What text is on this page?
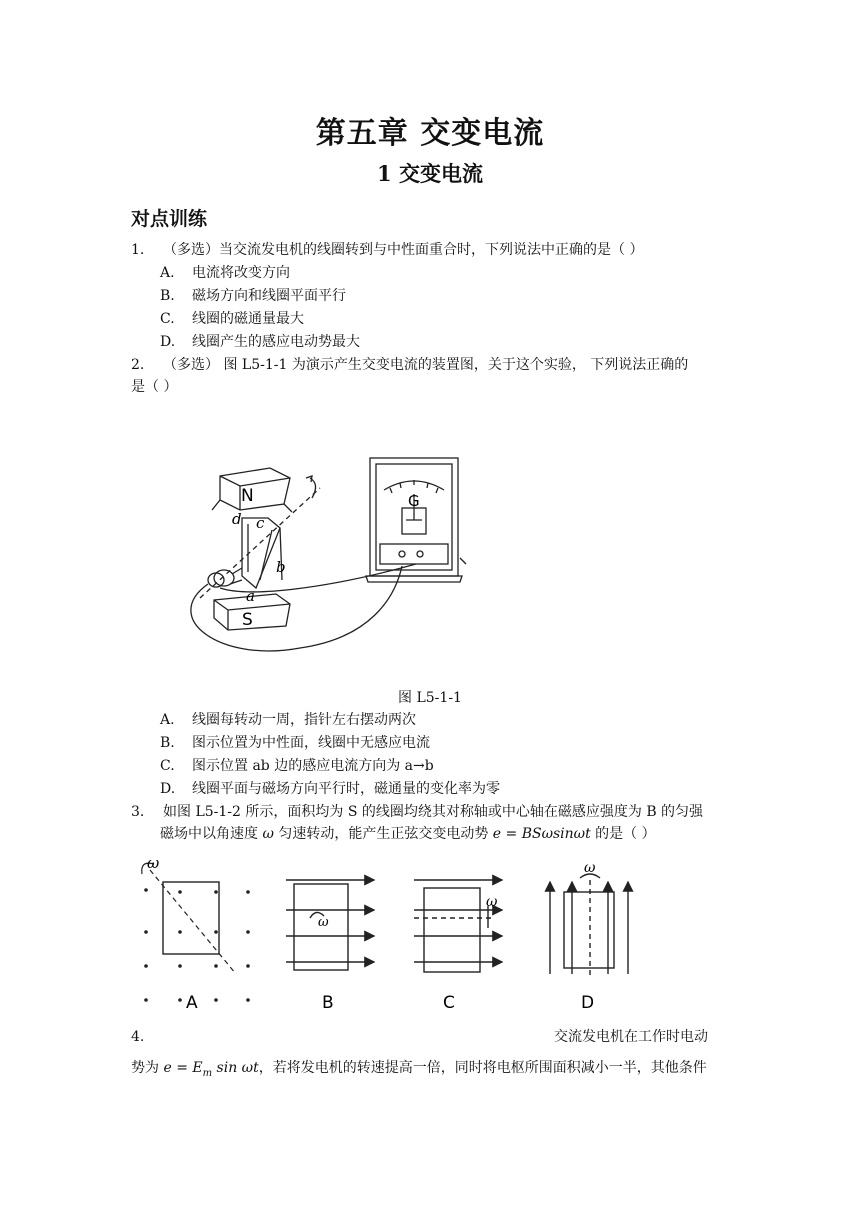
第五章 交变电流
1 交变电流
对点训练
1. （多选）当交流发电机的线圈转到与中性面重合时，下列说法中正确的是（ ）
A. 电流将改变方向
B. 磁场方向和线圈平面平行
C. 线圈的磁通量最大
D. 线圈产生的感应电动势最大
2. （多选） 图 L5-1-1 为演示产生交变电流的装置图，关于这个实验， 下列说法正确的
是（ ）
N
S
G
a
b
c
d
图 L5-1-1
A. 线圈每转动一周，指针左右摆动两次
B. 图示位置为中性面，线圈中无感应电流
C. 图示位置 ab 边的感应电流方向为 a→b
D. 线圈平面与磁场方向平行时，磁通量的变化率为零
3. 如图 L5-1-2 所示，面积均为 S 的线圈均绕其对称轴或中心轴在磁感应强度为 B 的匀强
磁场中以角速度 ω 匀速转动，能产生正弦交变电动势 e = BSωsinωt 的是（ ）
ω
A
ω
B
ω
C
ω
D
4.	交流发电机在工作时电动
势为 $e = E_m$ sin ωt，若将发电机的转速提高一倍，同时将电枢所围面积减小一半，其他条件
